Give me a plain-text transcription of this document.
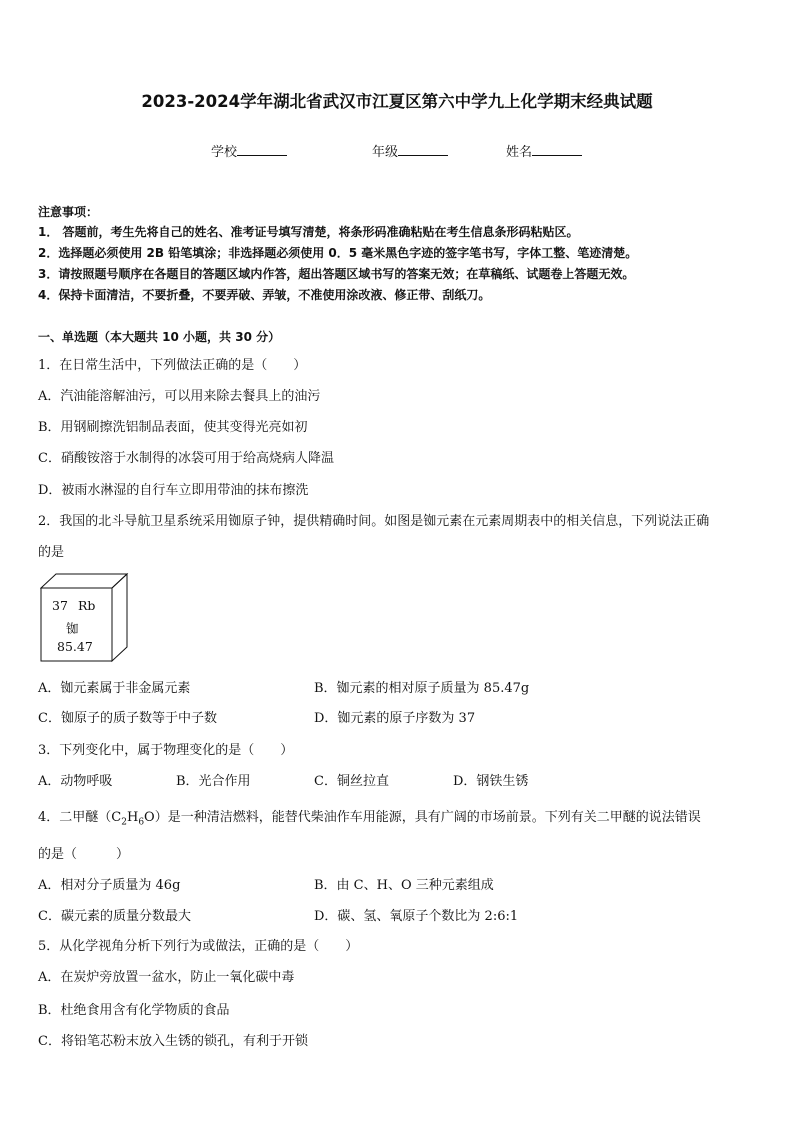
2023-2024学年湖北省武汉市江夏区第六中学九上化学期末经典试题
学校	年级	姓名
注意事项：
1． 答题前，考生先将自己的姓名、准考证号填写清楚，将条形码准确粘贴在考生信息条形码粘贴区。
2．选择题必须使用 2B 铅笔填涂；非选择题必须使用 0．5 毫米黑色字迹的签字笔书写，字体工整、笔迹清楚。
3．请按照题号顺序在各题目的答题区域内作答，超出答题区域书写的答案无效；在草稿纸、试题卷上答题无效。
4．保持卡面清洁，不要折叠，不要弄破、弄皱，不准使用涂改液、修正带、刮纸刀。
一、单选题（本大题共 10 小题，共 30 分）
1．在日常生活中，下列做法正确的是（　　）
A．汽油能溶解油污，可以用来除去餐具上的油污
B．用钢刷擦洗铝制品表面，使其变得光亮如初
C．硝酸铵溶于水制得的冰袋可用于给高烧病人降温
D．被雨水淋湿的自行车立即用带油的抹布擦洗
2．我国的北斗导航卫星系统采用铷原子钟，提供精确时间。如图是铷元素在元素周期表中的相关信息，下列说法正确
的是
37 Rb
铷
85.47
A．铷元素属于非金属元素	B．铷元素的相对原子质量为 85.47g
C．铷原子的质子数等于中子数	D．铷元素的原子序数为 37
3．下列变化中，属于物理变化的是（　　）
A．动物呼吸	B．光合作用	C．铜丝拉直	D．钢铁生锈
4．二甲醚$(C_2H_6O)$是一种清洁燃料，能替代柴油作车用能源，具有广阔的市场前景。下列有关二甲醚的说法错误
的是（　　　）
A．相对分子质量为 46g	B．由 C、H、O 三种元素组成
C．碳元素的质量分数最大	D．碳、氢、氧原子个数比为 2:6:1
5．从化学视角分析下列行为或做法，正确的是（　　）
A．在炭炉旁放置一盆水，防止一氧化碳中毒
B．杜绝食用含有化学物质的食品
C．将铅笔芯粉末放入生锈的锁孔，有利于开锁
